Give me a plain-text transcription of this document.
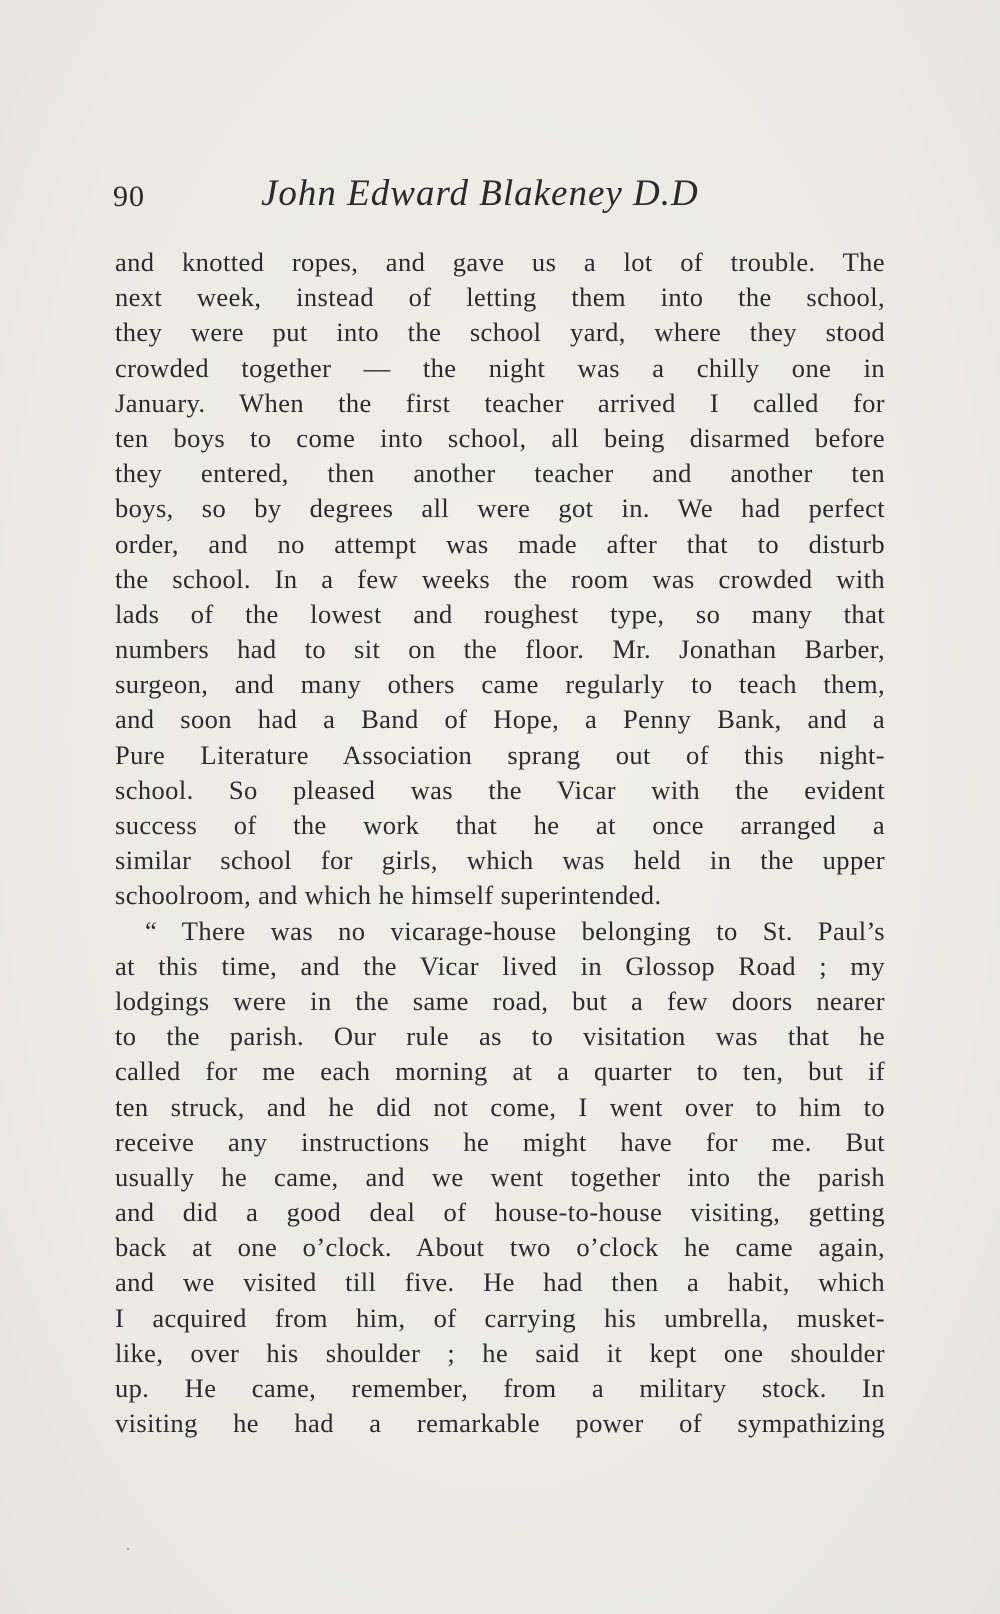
90	John Edward Blakeney D.D
and knotted ropes, and gave us a lot of trouble. The
next week, instead of letting them into the school,
they were put into the school yard, where they stood
crowded together — the night was a chilly one in
January. When the first teacher arrived I called for
ten boys to come into school, all being disarmed before
they entered, then another teacher and another ten
boys, so by degrees all were got in. We had perfect
order, and no attempt was made after that to disturb
the school. In a few weeks the room was crowded with
lads of the lowest and roughest type, so many that
numbers had to sit on the floor. Mr. Jonathan Barber,
surgeon, and many others came regularly to teach them,
and soon had a Band of Hope, a Penny Bank, and a
Pure Literature Association sprang out of this night-
school. So pleased was the Vicar with the evident
success of the work that he at once arranged a
similar school for girls, which was held in the upper
schoolroom, and which he himself superintended.
“ There was no vicarage-house belonging to St. Paul’s
at this time, and the Vicar lived in Glossop Road ; my
lodgings were in the same road, but a few doors nearer
to the parish. Our rule as to visitation was that he
called for me each morning at a quarter to ten, but if
ten struck, and he did not come, I went over to him to
receive any instructions he might have for me. But
usually he came, and we went together into the parish
and did a good deal of house-to-house visiting, getting
back at one o’clock. About two o’clock he came again,
and we visited till five. He had then a habit, which
I acquired from him, of carrying his umbrella, musket-
like, over his shoulder ; he said it kept one shoulder
up. He came, remember, from a military stock. In
visiting he had a remarkable power of sympathizing
